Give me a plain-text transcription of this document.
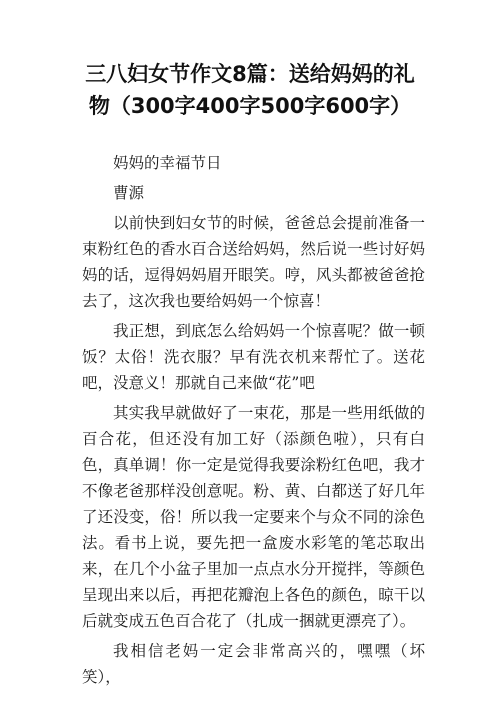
三八妇女节作文8篇：送给妈妈的礼
物（300字400字500字600字）

妈妈的幸福节日

曹源

以前快到妇女节的时候，爸爸总会提前准备一束粉红色的香水百合送给妈妈，然后说一些讨好妈妈的话，逗得妈妈眉开眼笑。哼，风头都被爸爸抢去了，这次我也要给妈妈一个惊喜！

我正想，到底怎么给妈妈一个惊喜呢？做一顿饭？太俗！洗衣服？早有洗衣机来帮忙了。送花吧，没意义！那就自己来做“花”吧

其实我早就做好了一束花，那是一些用纸做的百合花，但还没有加工好（添颜色啦），只有白色，真单调！你一定是觉得我要涂粉红色吧，我才不像老爸那样没创意呢。粉、黄、白都送了好几年了还没变，俗！所以我一定要来个与众不同的涂色法。看书上说，要先把一盒废水彩笔的笔芯取出来，在几个小盆子里加一点点水分开搅拌，等颜色呈现出来以后，再把花瓣泡上各色的颜色，晾干以后就变成五色百合花了（扎成一捆就更漂亮了）。

我相信老妈一定会非常高兴的，嘿嘿（坏笑），
